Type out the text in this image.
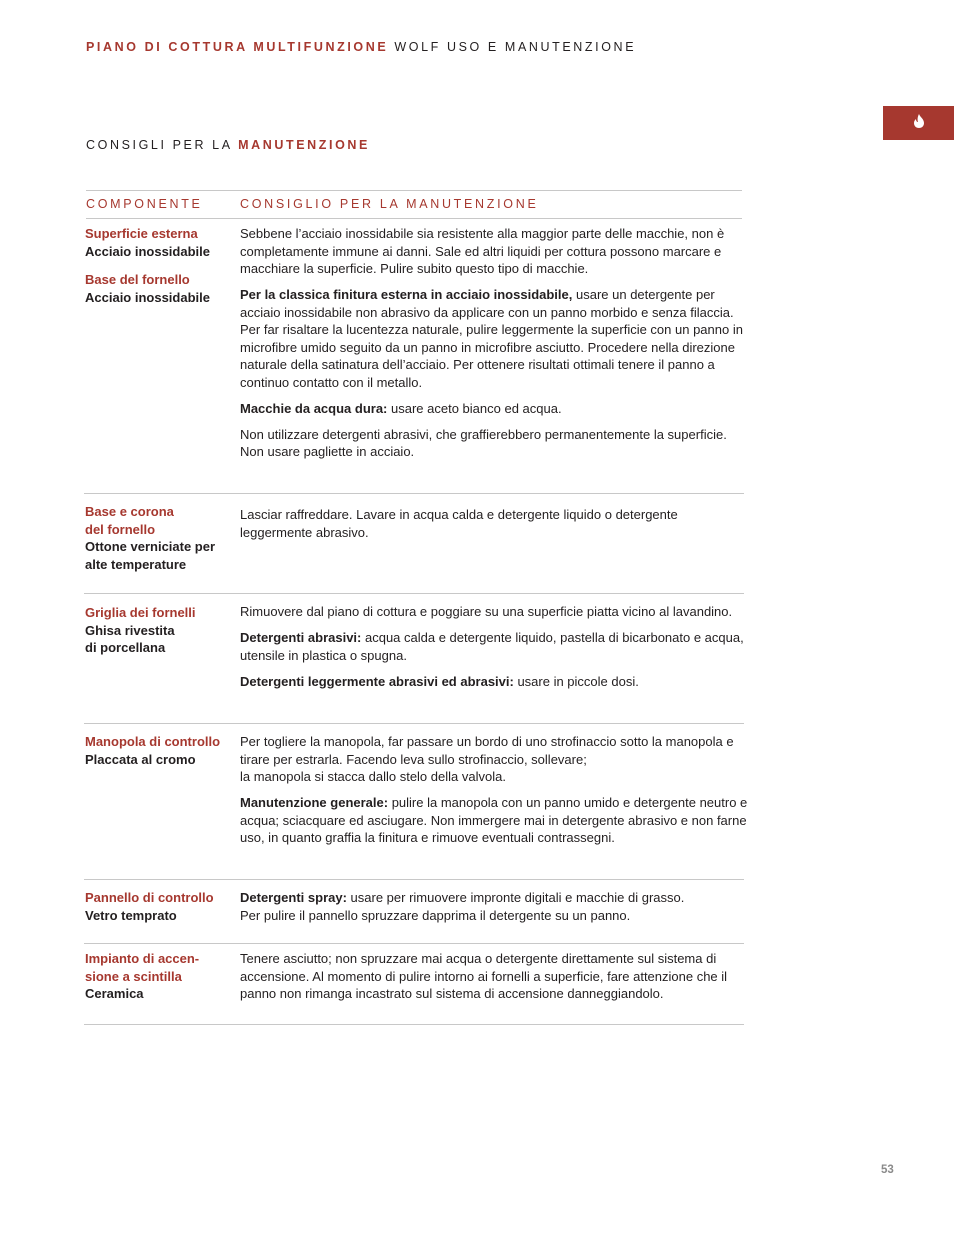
PIANO DI COTTURA MULTIFUNZIONE WOLF USO E MANUTENZIONE
CONSIGLI PER LA MANUTENZIONE
COMPONENTE	CONSIGLIO PER LA MANUTENZIONE
Superficie esterna
Acciaio inossidabile
Base del fornello
Acciaio inossidabile

Sebbene l’acciaio inossidabile sia resistente alla maggior parte delle macchie, non è completamente immune ai danni. Sale ed altri liquidi per cottura possono marcare e macchiare la superficie. Pulire subito questo tipo di macchie.

Per la classica finitura esterna in acciaio inossidabile, usare un detergente per acciaio inossidabile non abrasivo da applicare con un panno morbido e senza filaccia. Per far risaltare la lucentezza naturale, pulire leggermente la superficie con un panno in microfibre umido seguito da un panno in microfibre asciutto. Procedere nella direzione naturale della satinatura dell’acciaio. Per ottenere risultati ottimali tenere il panno a continuo contatto con il metallo.

Macchie da acqua dura: usare aceto bianco ed acqua.

Non utilizzare detergenti abrasivi, che graffierebbero permanentemente la superficie.
Non usare pagliette in acciaio.

Base e corona
del fornello
Ottone verniciate per alte temperature

Lasciar raffreddare. Lavare in acqua calda e detergente liquido o detergente leggermente abrasivo.

Griglia dei fornelli
Ghisa rivestita
di porcellana

Rimuovere dal piano di cottura e poggiare su una superficie piatta vicino al lavandino.

Detergenti abrasivi: acqua calda e detergente liquido, pastella di bicarbonato e acqua, utensile in plastica o spugna.

Detergenti leggermente abrasivi ed abrasivi: usare in piccole dosi.

Manopola di controllo
Placcata al cromo

Per togliere la manopola, far passare un bordo di uno strofinaccio sotto la manopola e tirare per estrarla. Facendo leva sullo strofinaccio, sollevare;
la manopola si stacca dallo stelo della valvola.

Manutenzione generale: pulire la manopola con un panno umido e detergente neutro e acqua; sciacquare ed asciugare. Non immergere mai in detergente abrasivo e non farne uso, in quanto graffia la finitura e rimuove eventuali contrassegni.

Pannello di controllo
Vetro temprato

Detergenti spray: usare per rimuovere impronte digitali e macchie di grasso.
Per pulire il pannello spruzzare dapprima il detergente su un panno.

Impianto di accen-
sione a scintilla
Ceramica

Tenere asciutto; non spruzzare mai acqua o detergente direttamente sul sistema di accensione. Al momento di pulire intorno ai fornelli a superficie, fare attenzione che il panno non rimanga incastrato sul sistema di accensione danneggiandolo.

53
